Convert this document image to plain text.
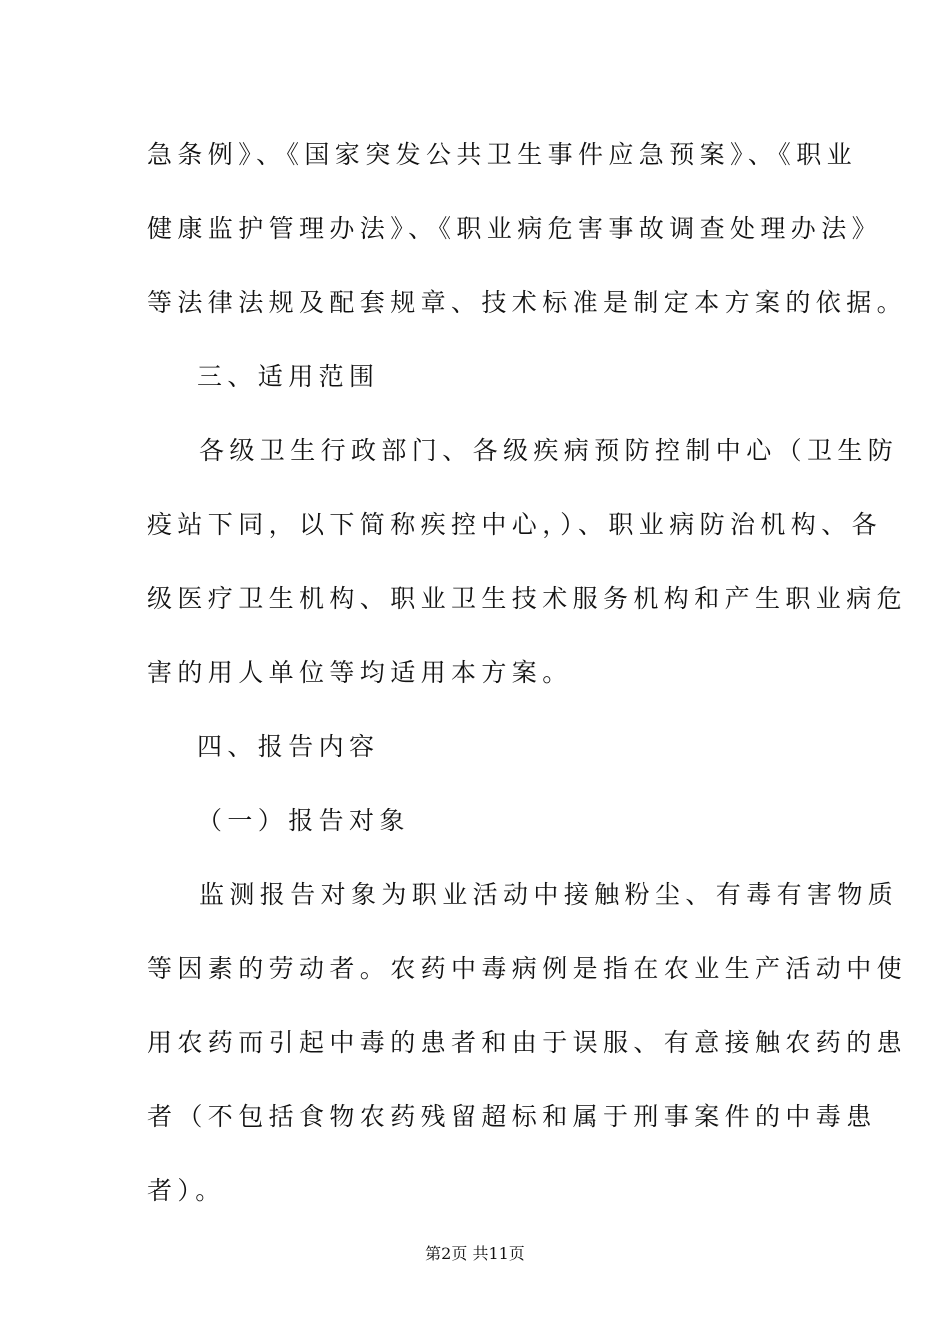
急条例》、《国家突发公共卫生事件应急预案》、《职业
健康监护管理办法》、《职业病危害事故调查处理办法》
等法律法规及配套规章、技术标准是制定本方案的依据。
三、适用范围
各级卫生行政部门、各级疾病预防控制中心（卫生防
疫站下同，以下简称疾控中心，）、职业病防治机构、各
级医疗卫生机构、职业卫生技术服务机构和产生职业病危
害的用人单位等均适用本方案。
四、报告内容
（一）报告对象
监测报告对象为职业活动中接触粉尘、有毒有害物质
等因素的劳动者。农药中毒病例是指在农业生产活动中使
用农药而引起中毒的患者和由于误服、有意接触农药的患
者（不包括食物农药残留超标和属于刑事案件的中毒患
者）。
第2页 共11页
